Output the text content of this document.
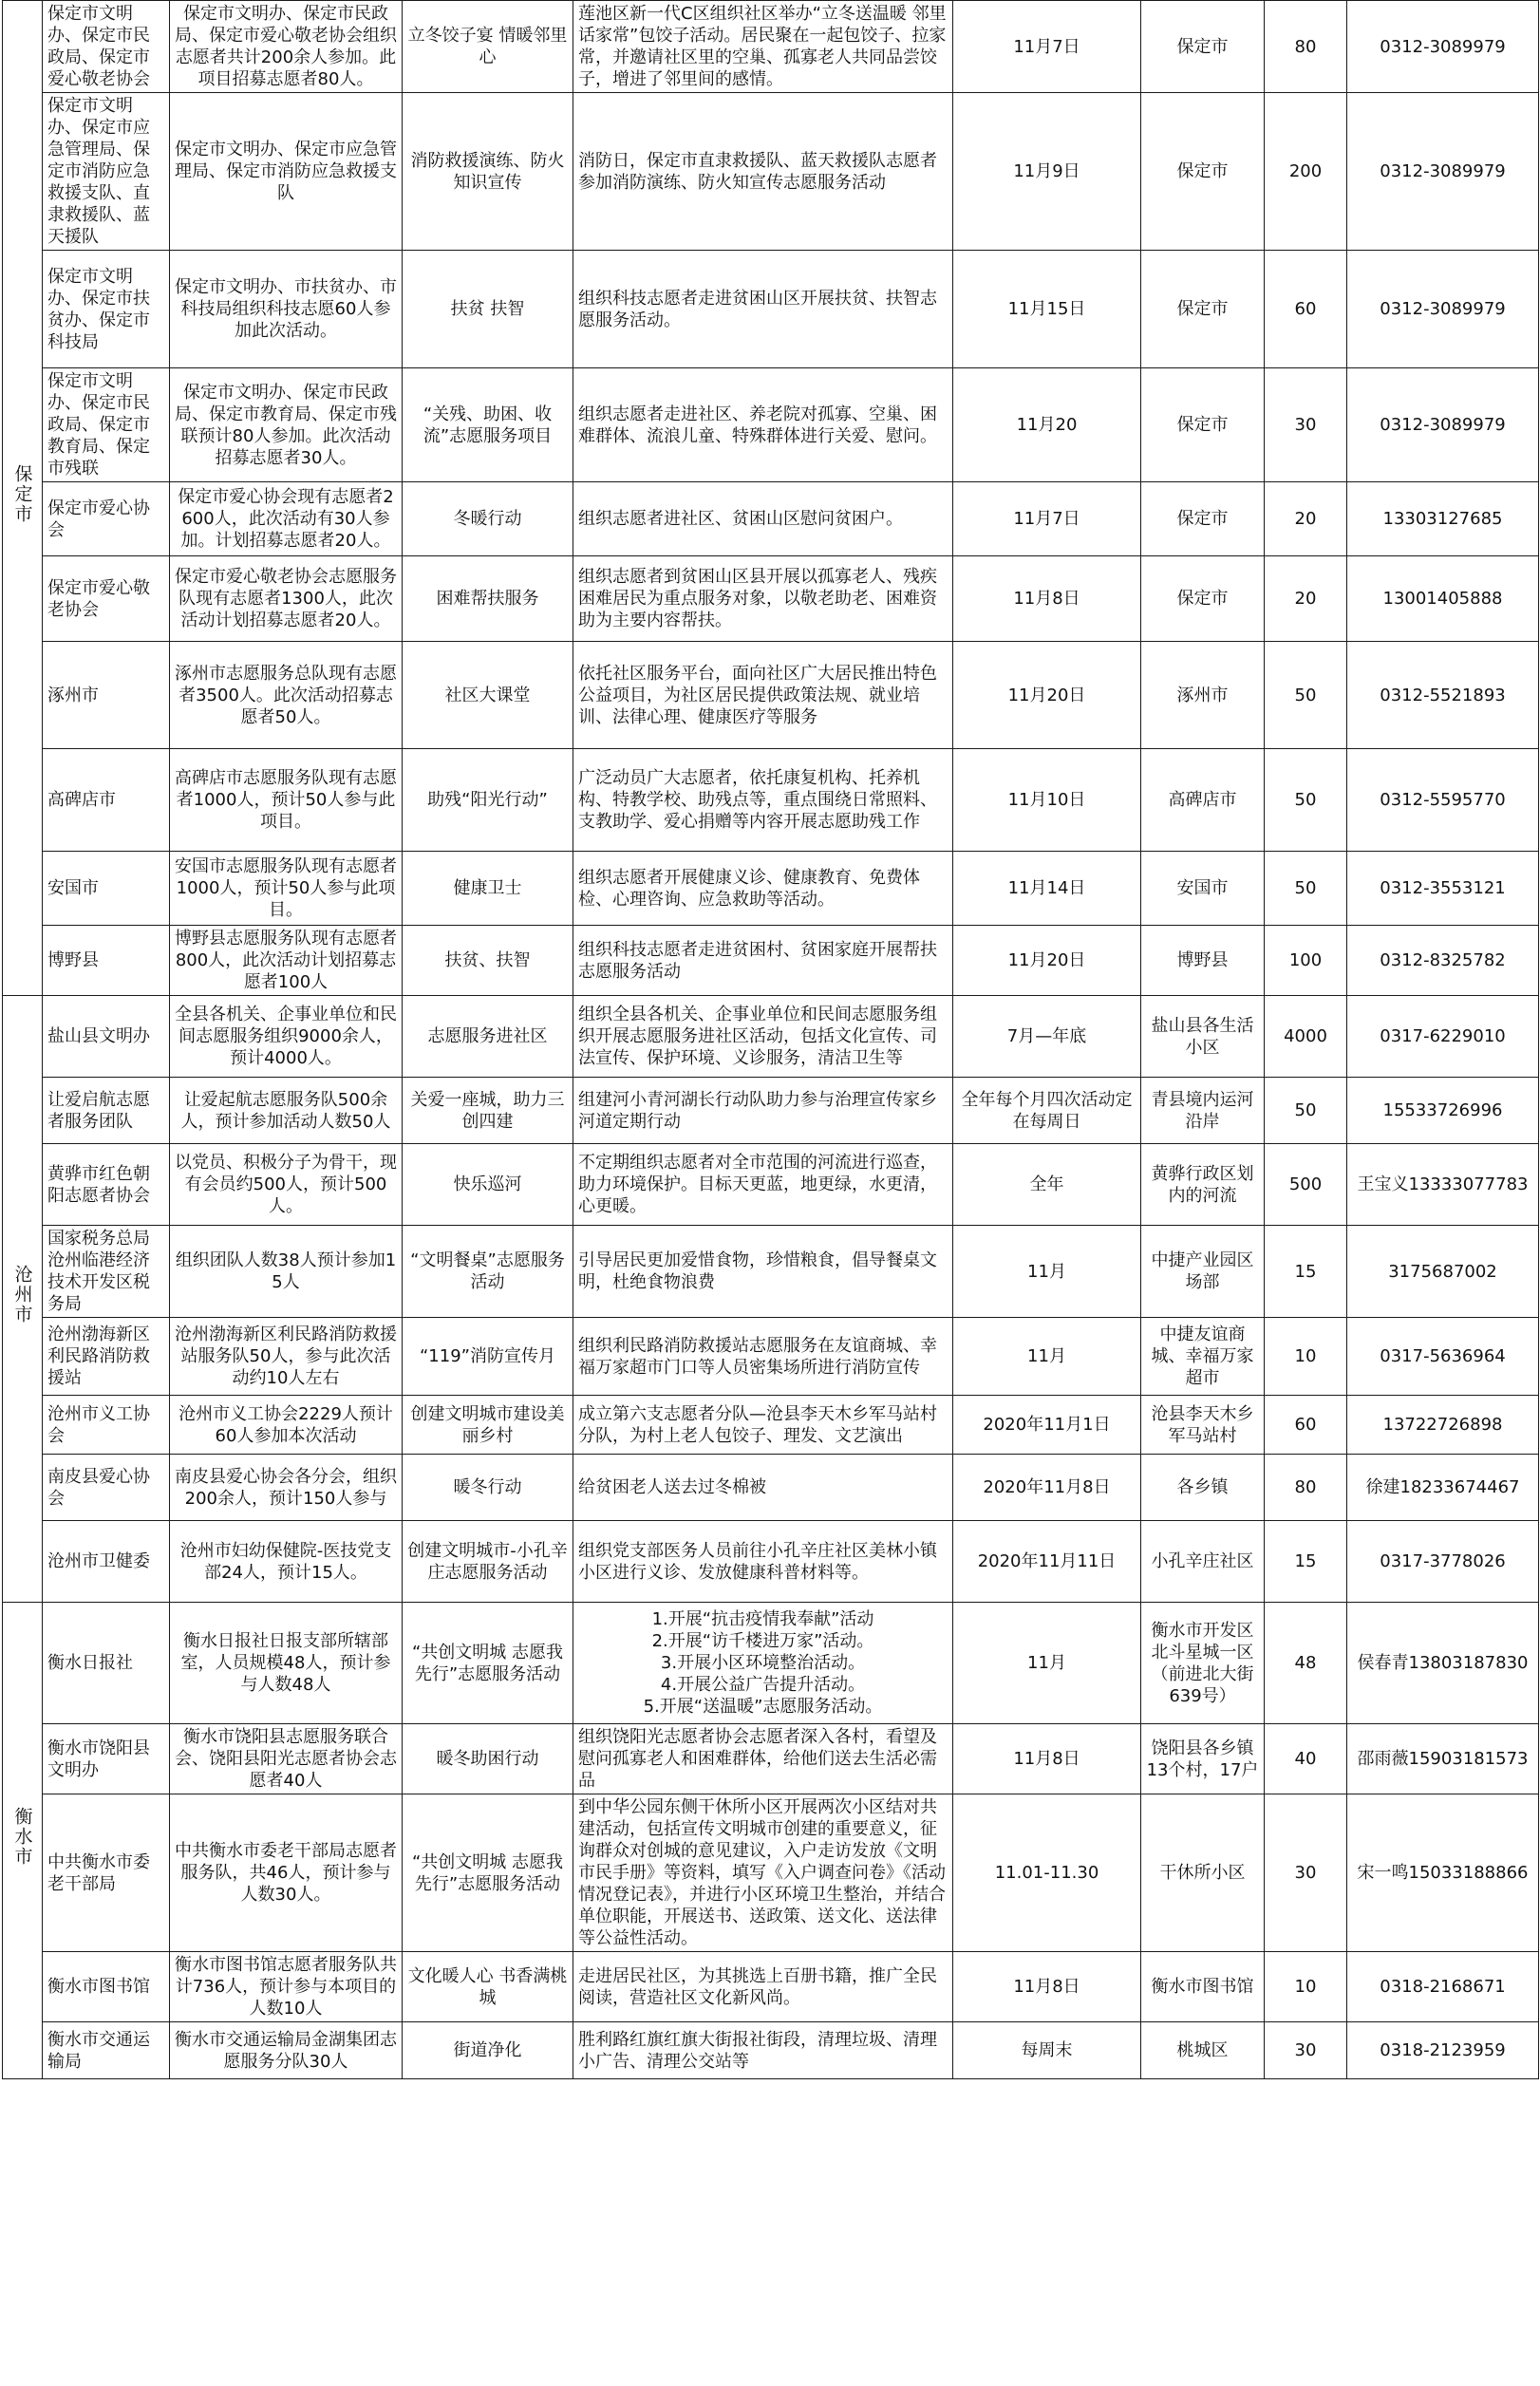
保定市	保定市文明办、保定市民政局、保定市爱心敬老协会	保定市文明办、保定市民政局、保定市爱心敬老协会组织志愿者共计200余人参加。此项目招募志愿者80人。	立冬饺子宴 情暖邻里心	莲池区新一代C区组织社区举办“立冬送温暖 邻里话家常”包饺子活动。居民聚在一起包饺子、拉家常，并邀请社区里的空巢、孤寡老人共同品尝饺子，增进了邻里间的感情。	11月7日	保定市	80	0312-3089979
	保定市文明办、保定市应急管理局、保定市消防应急救援支队、直隶救援队、蓝天援队	保定市文明办、保定市应急管理局、保定市消防应急救援支队	消防救援演练、防火知识宣传	消防日，保定市直隶救援队、蓝天救援队志愿者参加消防演练、防火知宣传志愿服务活动	11月9日	保定市	200	0312-3089979
	保定市文明办、保定市扶贫办、保定市科技局	保定市文明办、市扶贫办、市科技局组织科技志愿60人参加此次活动。	扶贫 扶智	组织科技志愿者走进贫困山区开展扶贫、扶智志愿服务活动。	11月15日	保定市	60	0312-3089979
	保定市文明办、保定市民政局、保定市教育局、保定市残联	保定市文明办、保定市民政局、保定市教育局、保定市残联预计80人参加。此次活动招募志愿者30人。	“关残、助困、收流”志愿服务项目	组织志愿者走进社区、养老院对孤寡、空巢、困难群体、流浪儿童、特殊群体进行关爱、慰问。	11月20	保定市	30	0312-3089979
	保定市爱心协会	保定市爱心协会现有志愿者2600人，此次活动有30人参加。计划招募志愿者20人。	冬暖行动	组织志愿者进社区、贫困山区慰问贫困户。	11月7日	保定市	20	13303127685
	保定市爱心敬老协会	保定市爱心敬老协会志愿服务队现有志愿者1300人，此次活动计划招募志愿者20人。	困难帮扶服务	组织志愿者到贫困山区县开展以孤寡老人、残疾困难居民为重点服务对象，以敬老助老、困难资助为主要内容帮扶。	11月8日	保定市	20	13001405888
	涿州市	涿州市志愿服务总队现有志愿者3500人。此次活动招募志愿者50人。	社区大课堂	依托社区服务平台，面向社区广大居民推出特色公益项目，为社区居民提供政策法规、就业培训、法律心理、健康医疗等服务	11月20日	涿州市	50	0312-5521893
	高碑店市	高碑店市志愿服务队现有志愿者1000人，预计50人参与此项目。	助残“阳光行动”	广泛动员广大志愿者，依托康复机构、托养机构、特教学校、助残点等，重点围绕日常照料、支教助学、爱心捐赠等内容开展志愿助残工作	11月10日	高碑店市	50	0312-5595770
	安国市	安国市志愿服务队现有志愿者1000人，预计50人参与此项目。	健康卫士	组织志愿者开展健康义诊、健康教育、免费体检、心理咨询、应急救助等活动。	11月14日	安国市	50	0312-3553121
	博野县	博野县志愿服务队现有志愿者800人，此次活动计划招募志愿者100人	扶贫、扶智	组织科技志愿者走进贫困村、贫困家庭开展帮扶志愿服务活动	11月20日	博野县	100	0312-8325782
沧州市	盐山县文明办	全县各机关、企事业单位和民间志愿服务组织9000余人，预计4000人。	志愿服务进社区	组织全县各机关、企事业单位和民间志愿服务组织开展志愿服务进社区活动，包括文化宣传、司法宣传、保护环境、义诊服务，清洁卫生等	7月—年底	盐山县各生活小区	4000	0317-6229010
	让爱启航志愿者服务团队	让爱起航志愿服务队500余人，预计参加活动人数50人	关爱一座城，助力三创四建	组建河小青河湖长行动队助力参与治理宣传家乡河道定期行动	全年每个月四次活动定在每周日	青县境内运河沿岸	50	15533726996
	黄骅市红色朝阳志愿者协会	以党员、积极分子为骨干，现有会员约500人，预计500人。	快乐巡河	不定期组织志愿者对全市范围的河流进行巡查，助力环境保护。目标天更蓝，地更绿，水更清，心更暖。	全年	黄骅行政区划内的河流	500	王宝义13333077783
	国家税务总局沧州临港经济技术开发区税务局	组织团队人数38人预计参加15人	“文明餐桌”志愿服务活动	引导居民更加爱惜食物，珍惜粮食，倡导餐桌文明，杜绝食物浪费	11月	中捷产业园区场部	15	3175687002
	沧州渤海新区利民路消防救援站	沧州渤海新区利民路消防救援站服务队50人，参与此次活动约10人左右	“119”消防宣传月	组织利民路消防救援站志愿服务在友谊商城、幸福万家超市门口等人员密集场所进行消防宣传	11月	中捷友谊商城、幸福万家超市	10	0317-5636964
	沧州市义工协会	沧州市义工协会2229人预计60人参加本次活动	创建文明城市建设美丽乡村	成立第六支志愿者分队—沧县李天木乡军马站村分队，为村上老人包饺子、理发、文艺演出	2020年11月1日	沧县李天木乡军马站村	60	13722726898
	南皮县爱心协会	南皮县爱心协会各分会，组织200余人，预计150人参与	暖冬行动	给贫困老人送去过冬棉被	2020年11月8日	各乡镇	80	徐建18233674467
	沧州市卫健委	沧州市妇幼保健院-医技党支部24人，预计15人。	创建文明城市-小孔辛庄志愿服务活动	组织党支部医务人员前往小孔辛庄社区美林小镇小区进行义诊、发放健康科普材料等。	2020年11月11日	小孔辛庄社区	15	0317-3778026
衡水市	衡水日报社	衡水日报社日报支部所辖部室，人员规模48人，预计参与人数48人	“共创文明城 志愿我先行”志愿服务活动	1.开展“抗击疫情我奉献”活动
2.开展“访千楼进万家”活动。
3.开展小区环境整治活动。
4.开展公益广告提升活动。
5.开展“送温暖”志愿服务活动。	11月	衡水市开发区北斗星城一区（前进北大街639号）	48	侯春青13803187830
	衡水市饶阳县文明办	衡水市饶阳县志愿服务联合会、饶阳县阳光志愿者协会志愿者40人	暖冬助困行动	组织饶阳光志愿者协会志愿者深入各村，看望及慰问孤寡老人和困难群体，给他们送去生活必需品	11月8日	饶阳县各乡镇13个村，17户	40	邵雨薇15903181573
	中共衡水市委老干部局	中共衡水市委老干部局志愿者服务队，共46人，预计参与人数30人。	“共创文明城 志愿我先行”志愿服务活动	到中华公园东侧干休所小区开展两次小区结对共建活动，包括宣传文明城市创建的重要意义，征询群众对创城的意见建议，入户走访发放《文明市民手册》等资料，填写《入户调查问卷》《活动情况登记表》，并进行小区环境卫生整治，并结合单位职能，开展送书、送政策、送文化、送法律等公益性活动。	11.01-11.30	干休所小区	30	宋一鸣15033188866
	衡水市图书馆	衡水市图书馆志愿者服务队共计736人，预计参与本项目的人数10人	文化暖人心 书香满桃城	走进居民社区，为其挑选上百册书籍，推广全民阅读，营造社区文化新风尚。	11月8日	衡水市图书馆	10	0318-2168671
	衡水市交通运输局	衡水市交通运输局金湖集团志愿服务分队30人	街道净化	胜利路红旗红旗大街报社街段，清理垃圾、清理小广告、清理公交站等	每周末	桃城区	30	0318-2123959
